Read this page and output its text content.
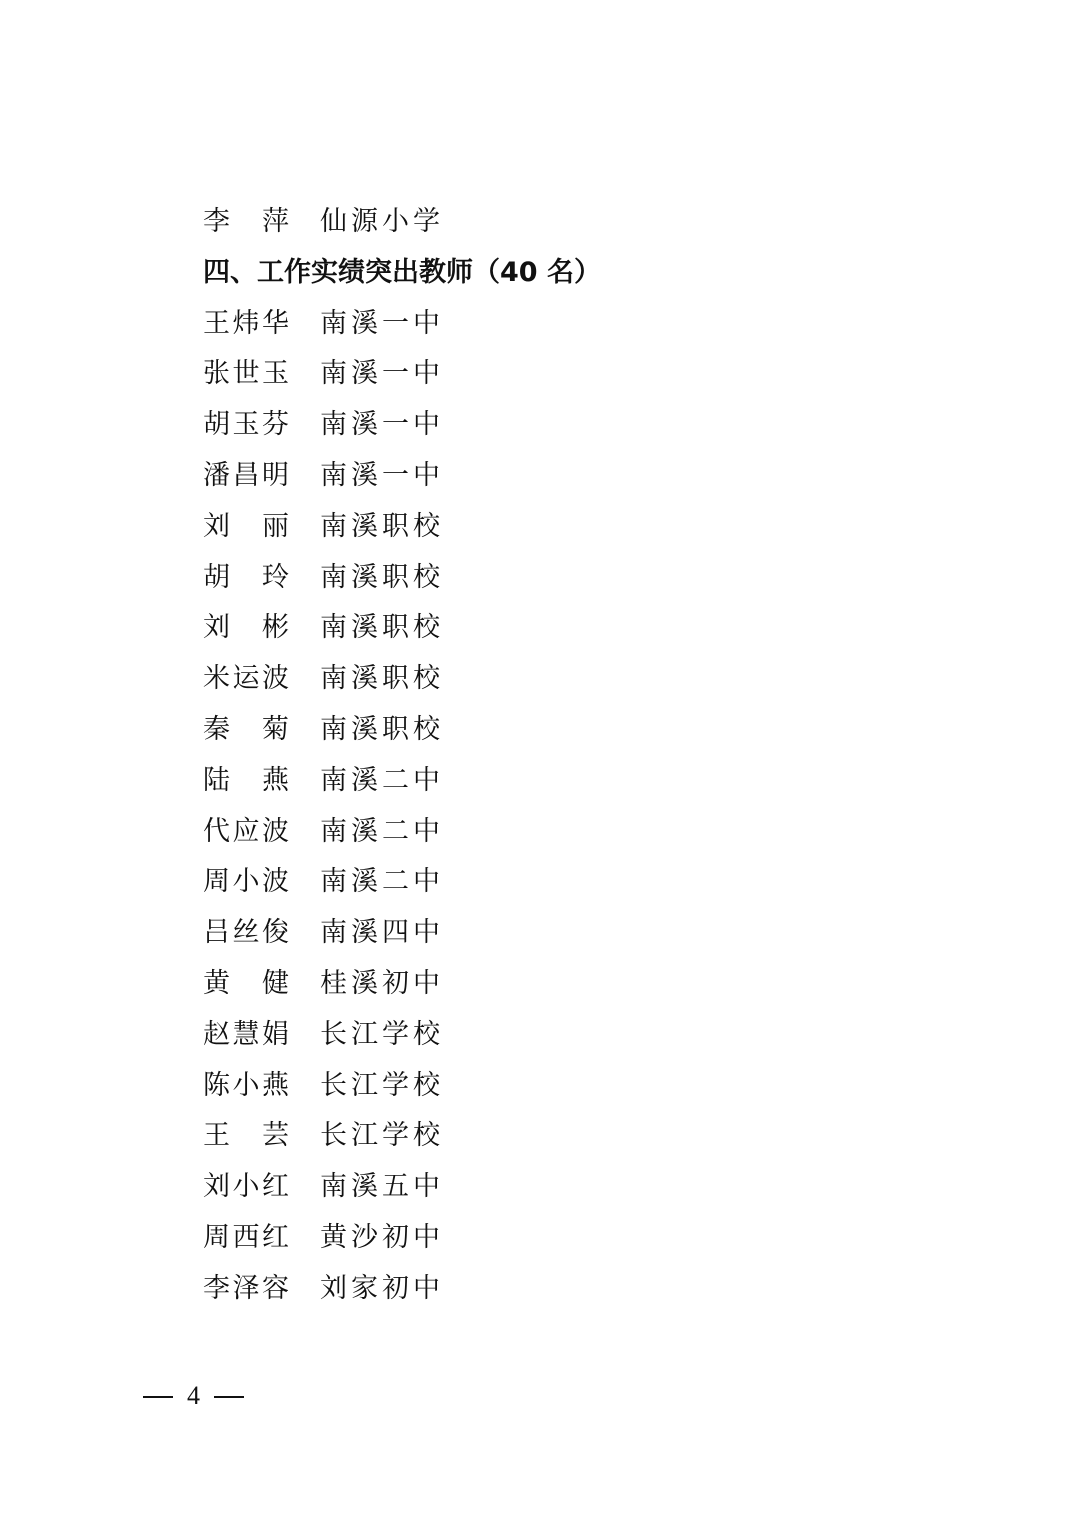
李　萍 仙源小学
四、工作实绩突出教师（40 名）
王炜华 南溪一中
张世玉 南溪一中
胡玉芬 南溪一中
潘昌明 南溪一中
刘　丽 南溪职校
胡　玲 南溪职校
刘　彬 南溪职校
米运波 南溪职校
秦　菊 南溪职校
陆　燕 南溪二中
代应波 南溪二中
周小波 南溪二中
吕丝俊 南溪四中
黄　健 桂溪初中
赵慧娟 长江学校
陈小燕 长江学校
王　芸 长江学校
刘小红 南溪五中
周西红 黄沙初中
李泽容 刘家初中
4
